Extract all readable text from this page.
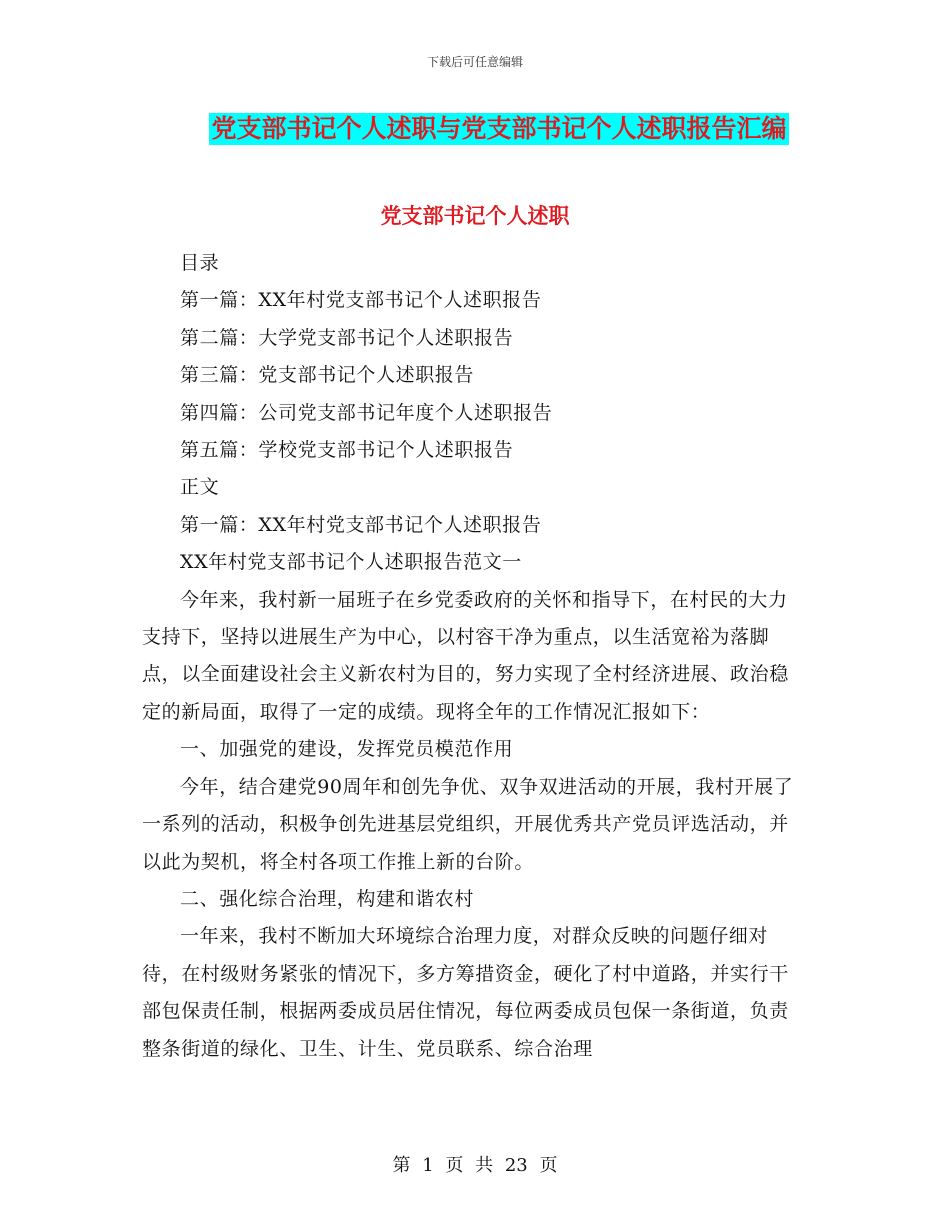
下载后可任意编辑
党支部书记个人述职与党支部书记个人述职报告汇编
党支部书记个人述职

目录

第一篇：XX年村党支部书记个人述职报告

第二篇：大学党支部书记个人述职报告

第三篇：党支部书记个人述职报告

第四篇：公司党支部书记年度个人述职报告

第五篇：学校党支部书记个人述职报告

正文

第一篇：XX年村党支部书记个人述职报告

XX年村党支部书记个人述职报告范文一

今年来，我村新一届班子在乡党委政府的关怀和指导下，在村民的大力支持下，坚持以进展生产为中心，以村容干净为重点，以生活宽裕为落脚点，以全面建设社会主义新农村为目的，努力实现了全村经济进展、政治稳定的新局面，取得了一定的成绩。现将全年的工作情况汇报如下：

一、加强党的建设，发挥党员模范作用

今年，结合建党90周年和创先争优、双争双进活动的开展，我村开展了一系列的活动，积极争创先进基层党组织，开展优秀共产党员评选活动，并以此为契机，将全村各项工作推上新的台阶。

二、强化综合治理，构建和谐农村

一年来，我村不断加大环境综合治理力度，对群众反映的问题仔细对待，在村级财务紧张的情况下，多方筹措资金，硬化了村中道路，并实行干部包保责任制，根据两委成员居住情况，每位两委成员包保一条街道，负责整条街道的绿化、卫生、计生、党员联系、综合治理

第 1 页 共 23 页
